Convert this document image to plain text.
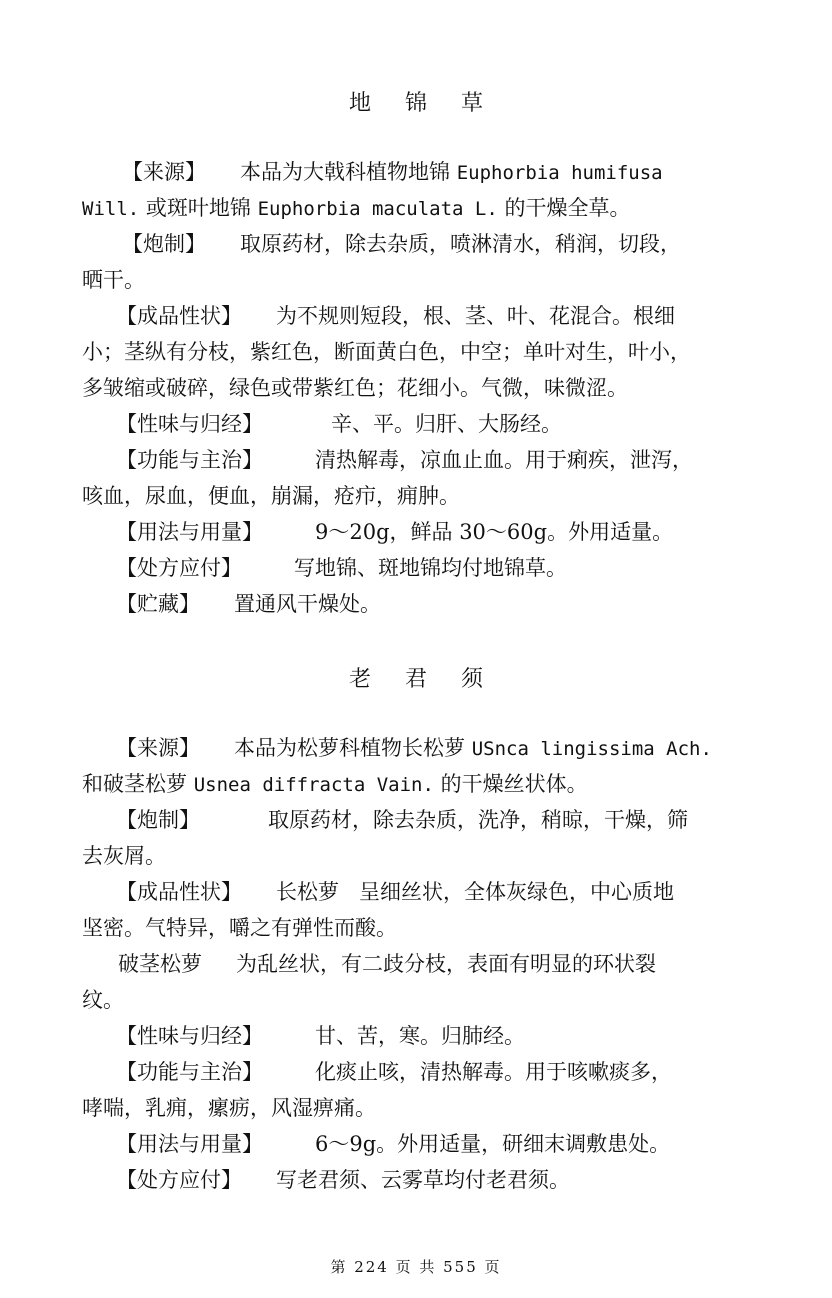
地锦草
【来源】 本品为大戟科植物地锦 Euphorbia humifusa
Will. 或斑叶地锦 Euphorbia maculata L. 的干燥全草。
【炮制】 取原药材，除去杂质，喷淋清水，稍润，切段，
晒干。
【成品性状】 为不规则短段，根、茎、叶、花混合。根细
小；茎纵有分枝，紫红色，断面黄白色，中空；单叶对生，叶小，
多皱缩或破碎，绿色或带紫红色；花细小。气微，味微涩。
【性味与归经】	辛、平。归肝、大肠经。
【功能与主治】 清热解毒，凉血止血。用于痢疾，泄泻，
咳血，尿血，便血，崩漏，疮疖，痈肿。
【用法与用量】 9～20g，鲜品 30～60g。外用适量。
【处方应付】 写地锦、斑地锦均付地锦草。
【贮藏】 置通风干燥处。
老君须
【来源】 本品为松萝科植物长松萝 USnca lingissima Ach.
和破茎松萝 Usnea diffracta Vain. 的干燥丝状体。
【炮制】	取原药材，除去杂质，洗净，稍晾，干燥，筛
去灰屑。
【成品性状】 长松萝 呈细丝状，全体灰绿色，中心质地
坚密。气特异，嚼之有弹性而酸。
破茎松萝 为乱丝状，有二歧分枝，表面有明显的环状裂
纹。
【性味与归经】 甘、苦，寒。归肺经。
【功能与主治】 化痰止咳，清热解毒。用于咳嗽痰多，
哮喘，乳痈，瘰疬，风湿痹痛。
【用法与用量】 6～9g。外用适量，研细末调敷患处。
【处方应付】 写老君须、云雾草均付老君须。
第 224 页 共 555 页
